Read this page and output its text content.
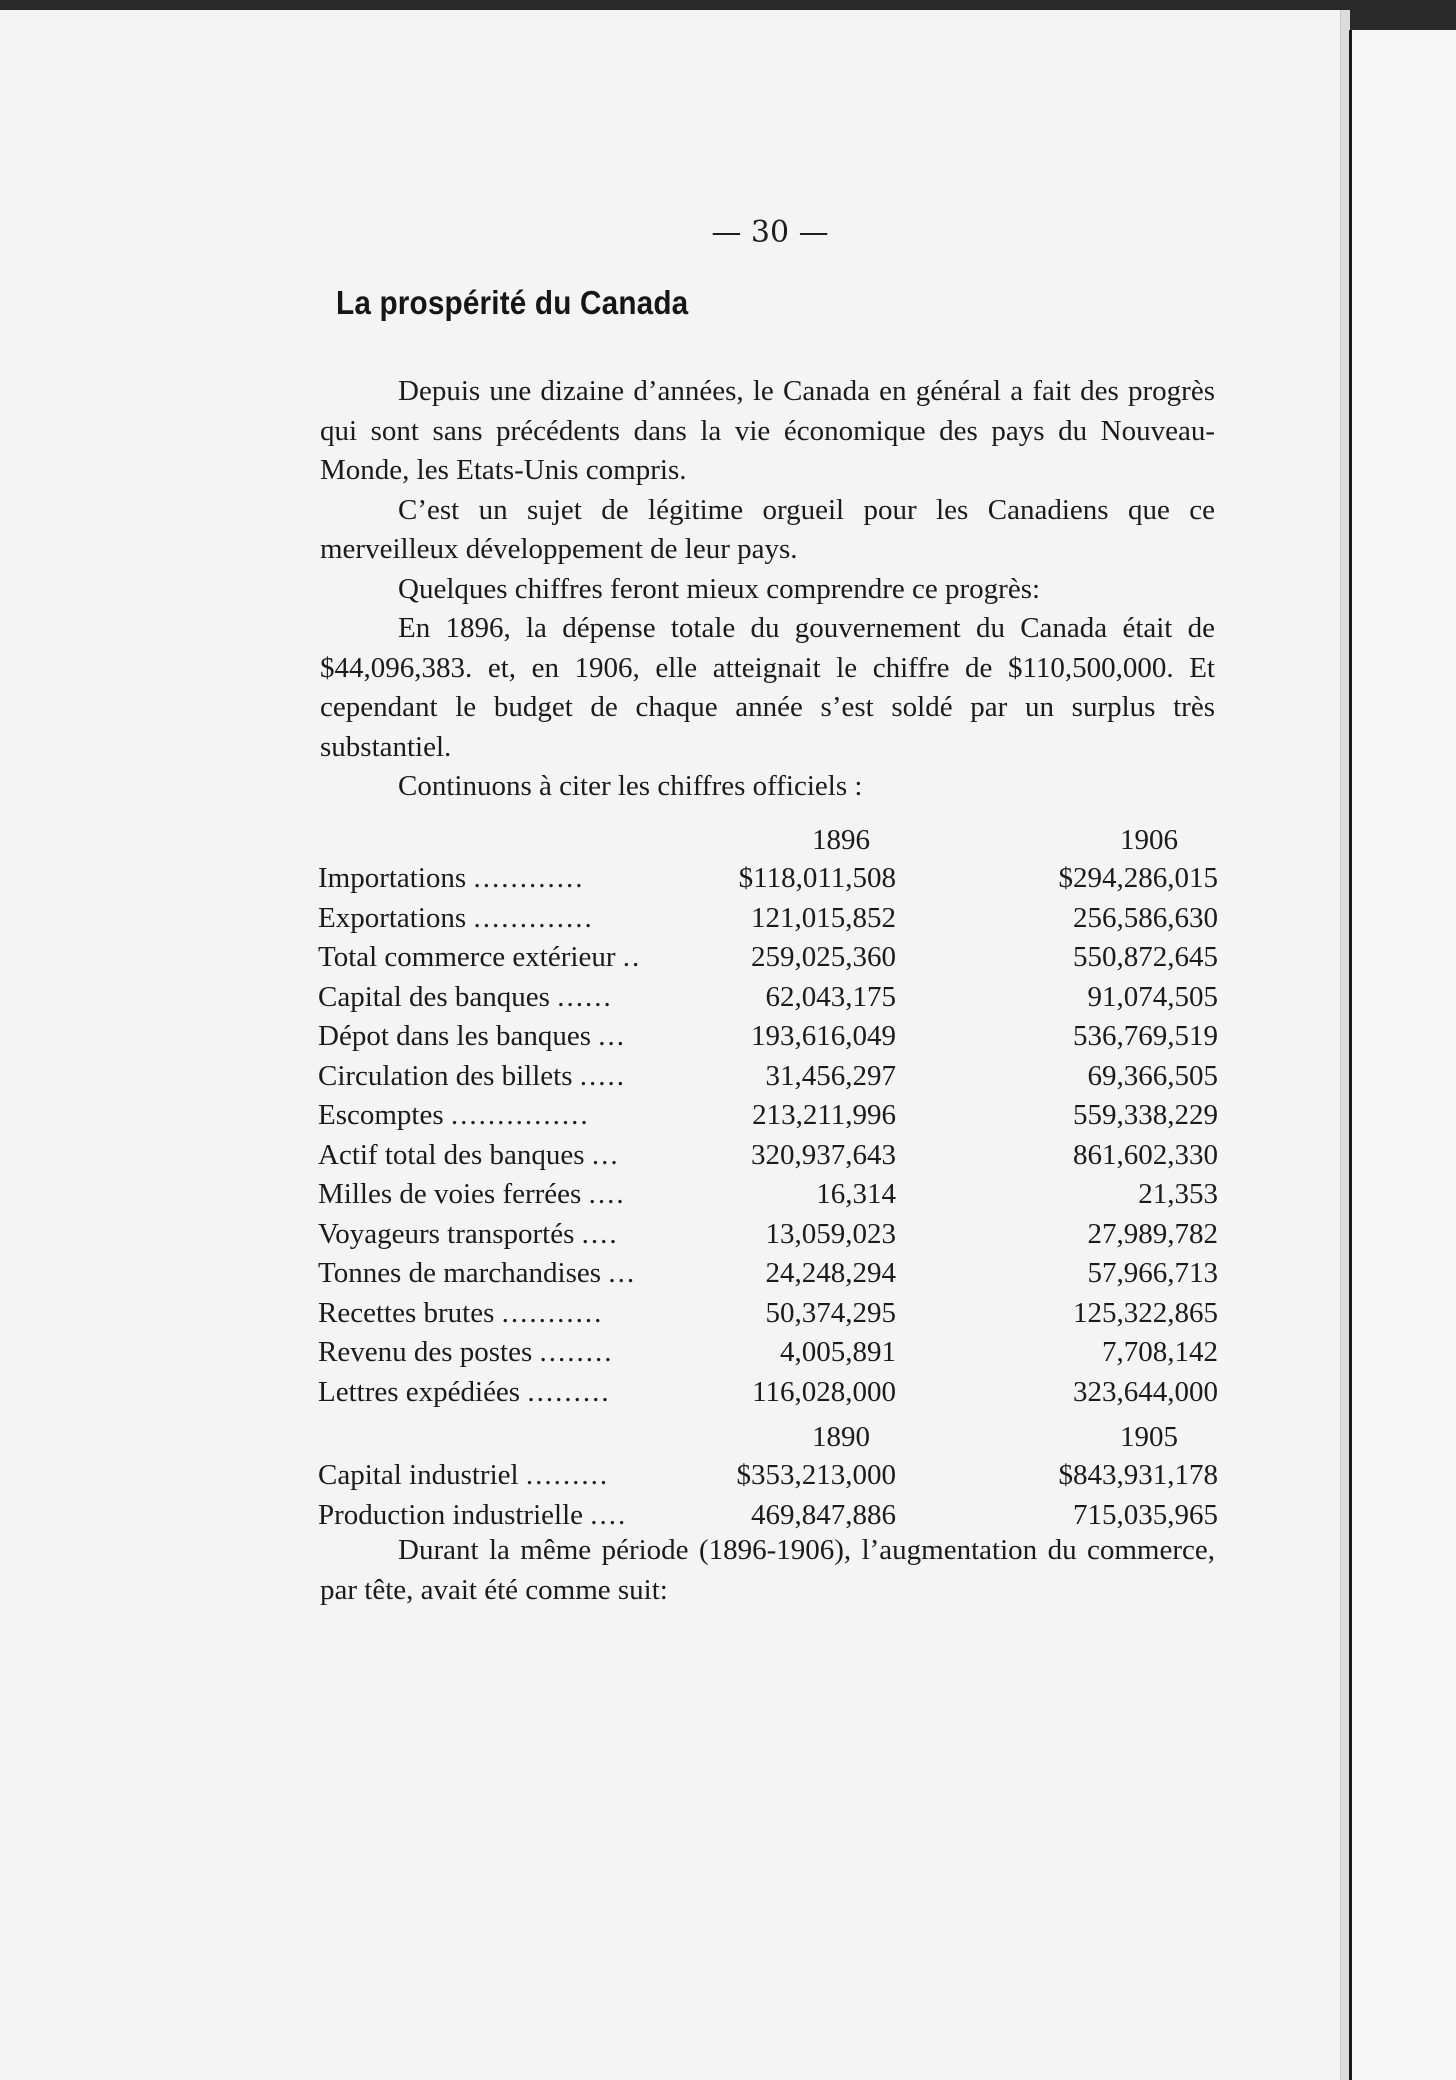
— 30 —
La prospérité du Canada

Depuis une dizaine d’années, le Canada en général a fait des progrès qui sont sans précédents dans la vie économique des pays du Nouveau-Monde, les Etats-Unis compris.

C’est un sujet de légitime orgueil pour les Canadiens que ce merveilleux développement de leur pays.

Quelques chiffres feront mieux comprendre ce progrès:

En 1896, la dépense totale du gouvernement du Canada était de $44,096,383. et, en 1906, elle atteignait le chiffre de $110,500,000. Et cependant le budget de chaque année s’est soldé par un surplus très substantiel.

Continuons à citer les chiffres officiels :

1896	1906
Importations ............	$118,011,508	$294,286,015
Exportations .............	121,015,852	256,586,630
Total commerce extérieur ..	259,025,360	550,872,645
Capital des banques ......	62,043,175	91,074,505
Dépot dans les banques ...	193,616,049	536,769,519
Circulation des billets .....	31,456,297	69,366,505
Escomptes ...............	213,211,996	559,338,229
Actif total des banques ...	320,937,643	861,602,330
Milles de voies ferrées ....	16,314	21,353
Voyageurs transportés ....	13,059,023	27,989,782
Tonnes de marchandises ...	24,248,294	57,966,713
Recettes brutes ...........	50,374,295	125,322,865
Revenu des postes ........	4,005,891	7,708,142
Lettres expédiées .........	116,028,000	323,644,000
1890	1905
Capital industriel .........	$353,213,000	$843,931,178
Production industrielle ....	469,847,886	715,035,965

Durant la même période (1896-1906), l’augmentation du commerce, par tête, avait été comme suit:
